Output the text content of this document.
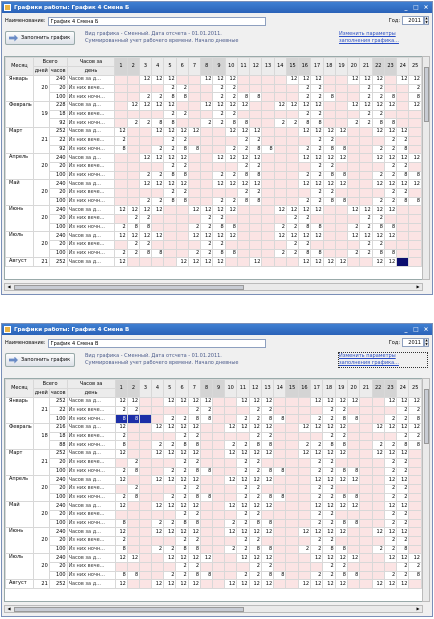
Графики работы: График 4 Смена Б	_ □ ×
Наименование:	График 4 Смена Б	Год:	2011	▲
▼
Заполнить график
Вид графика - Сменный. Дата отсчета - 01.01.2011.
Суммированный учет рабочего времени. Начало дневные
Изменить параметры заполнения графика...
Месяц	Всего		Часов за	1	2	3	4	5	6	7	8	9	10	11	12	13	14	15	16	17	18	19	20	21	22	23	24	25
	дней	часов	день																									
Январь	20	240	Часов за д...			12	12	12			12	12	12					12	12	12			12	12	12		12	12
		20	Из них вече...					2	2			2	2						2	2				2	2			2
		100	Из них ночн...			2	2	8	8			2	2	8	8				2	2	8			2	2	8		8
Февраль	19	228	Часов за д...		12	12	12	12			12	12	12	12			12	12	12	12			12	12	12	12		12
		18	Из них вече...					2	2			2	2						2	2				2	2			
		92	Из них ночн...		2	2	8	8			2	2	8	8			2	2	8	8			2	2	8	8		
Март	21	252	Часов за д...	12			12	12	12	12			12	12	12				12	12	12	12			12	12	12	
		22	Из них вече...	2				2	2					2	2					2	2					2	2	
		92	Из них ночн...	8			2	2	8	8			2	2	8	8			2	2	8	8			2	2	8	
Апрель	20	240	Часов за д...			12	12	12	12			12	12	12	12				12	12	12	12			12	12	12	12
		20	Из них вече...					2	2					2	2					2	2					2	2	
		100	Из них ночн...			2	2	8	8			2	2	8	8				2	2	8	8			2	2	8	8
Май	20	240	Часов за д...			12	12	12	12			12	12	12	12				12	12	12	12			12	12	12	12
		20	Из них вече...					2	2					2	2					2	2					2	2	
		100	Из них ночн...			2	2	8	8			2	2	8	8				2	2	8	8			2	2	8	8
Июнь	20	240	Часов за д...	12	12	12	12			12	12	12	12				12	12	12	12			12	12	12	12		
		20	Из них вече...		2	2					2	2						2	2					2	2			
		100	Из них ночн...	2	8	8				2	2	8	8				2	2	8	8			2	2	8	8		
Июль	20	240	Часов за д...	12	12	12	12			12	12	12	12				12	12	12	12			12	12	12	12		
		20	Из них вече...		2	2					2	2						2	2					2	2			
		100	Из них ночн...	2	2	8	8			2	2	8	8				2	2	8	8			2	2	8	8		
Август	21	252	Часов за д...	12					12	12	12	12			12				12	12	12	12			12	12		
◀	▶
Графики работы: График 4 Смена В	_ □ ×
Наименование:	График 4 Смена В	Год:	2011	▲
▼
Заполнить график
Вид графика - Сменный. Дата отсчета - 01.01.2011.
Суммированный учет рабочего времени. Начало дневные
Изменить параметры заполнения графика...
Месяц	Всего		Часов за	1	2	3	4	5	6	7	8	9	10	11	12	13	14	15	16	17	18	19	20	21	22	23	24	25
	дней	часов	день																									
Январь	21	252	Часов за д...	12	12			12	12	12	12			12	12	12				12	12	12	12			12	12	12
		22	Из них вече...	2	2					2	2				2	2					2	2					2	2
		100	Из них ночн...	8	8			2	2	8	8			2	2	8	8			2	2	8	8			2	2	8
Февраль	18	216	Часов за д...	12			12	12	12	12			12	12	12	12			12	12	12	12			12	12	12	12
		18	Из них вече...	2					2	2					2	2					2	2					2	2
		88	Из них ночн...	8			2	2	8	8			2	2	8	8			2	2	8	8			2	2	8	8
Март	21	252	Часов за д...	12			12	12	12	12			12	12	12	12			12	12	12	12			12	12	12	
		20	Из них вече...		2				2	2				2	2					2	2					2	2	
		100	Из них ночн...	2	8			2	2	8	8			2	2	8	8			2	2	8	8			2	2	
Апрель	20	240	Часов за д...	12			12	12	12	12			12	12	12	12				12	12	12	12			12	12	
		20	Из них вече...		2				2	2				2	2					2	2					2	2	
		100	Из них ночн...	2	8			2	2	8	8			2	2	8	8			2	2	8	8			2	2	
Май	20	240	Часов за д...	12			12	12	12	12			12	12	12	12				12	12	12	12			12	12	
		20	Из них вече...						2	2				2	2					2	2					2	2	
		100	Из них ночн...	8			2	2	8	8			2	2	8	8				2	2	8	8			2	2	
Июнь	20	240	Часов за д...	12			12	12	12	12			12	12	12	12			12	12	12	12			12	12	12	
		20	Из них вече...	2					2	2				2	2					2	2					2	2	
		100	Из них ночн...	8			2	2	8	8			2	2	8	8			2	2	8	8			2	2	8	
Июль	20	240	Часов за д...	12	12			12	12	12	12			12	12	12				12	12	12	12			12	12	12
		20	Из них вече...						2	2					2	2					2	2					2	2
		100	Из них ночн...	8	8			2	2	8	8			2	2	8	8			2	2	8	8			2	2	8
Август	21	252	Часов за д...	12			12	12	12	12			12	12	12	12			12	12	12	12			12	12	12	
◀	▶
